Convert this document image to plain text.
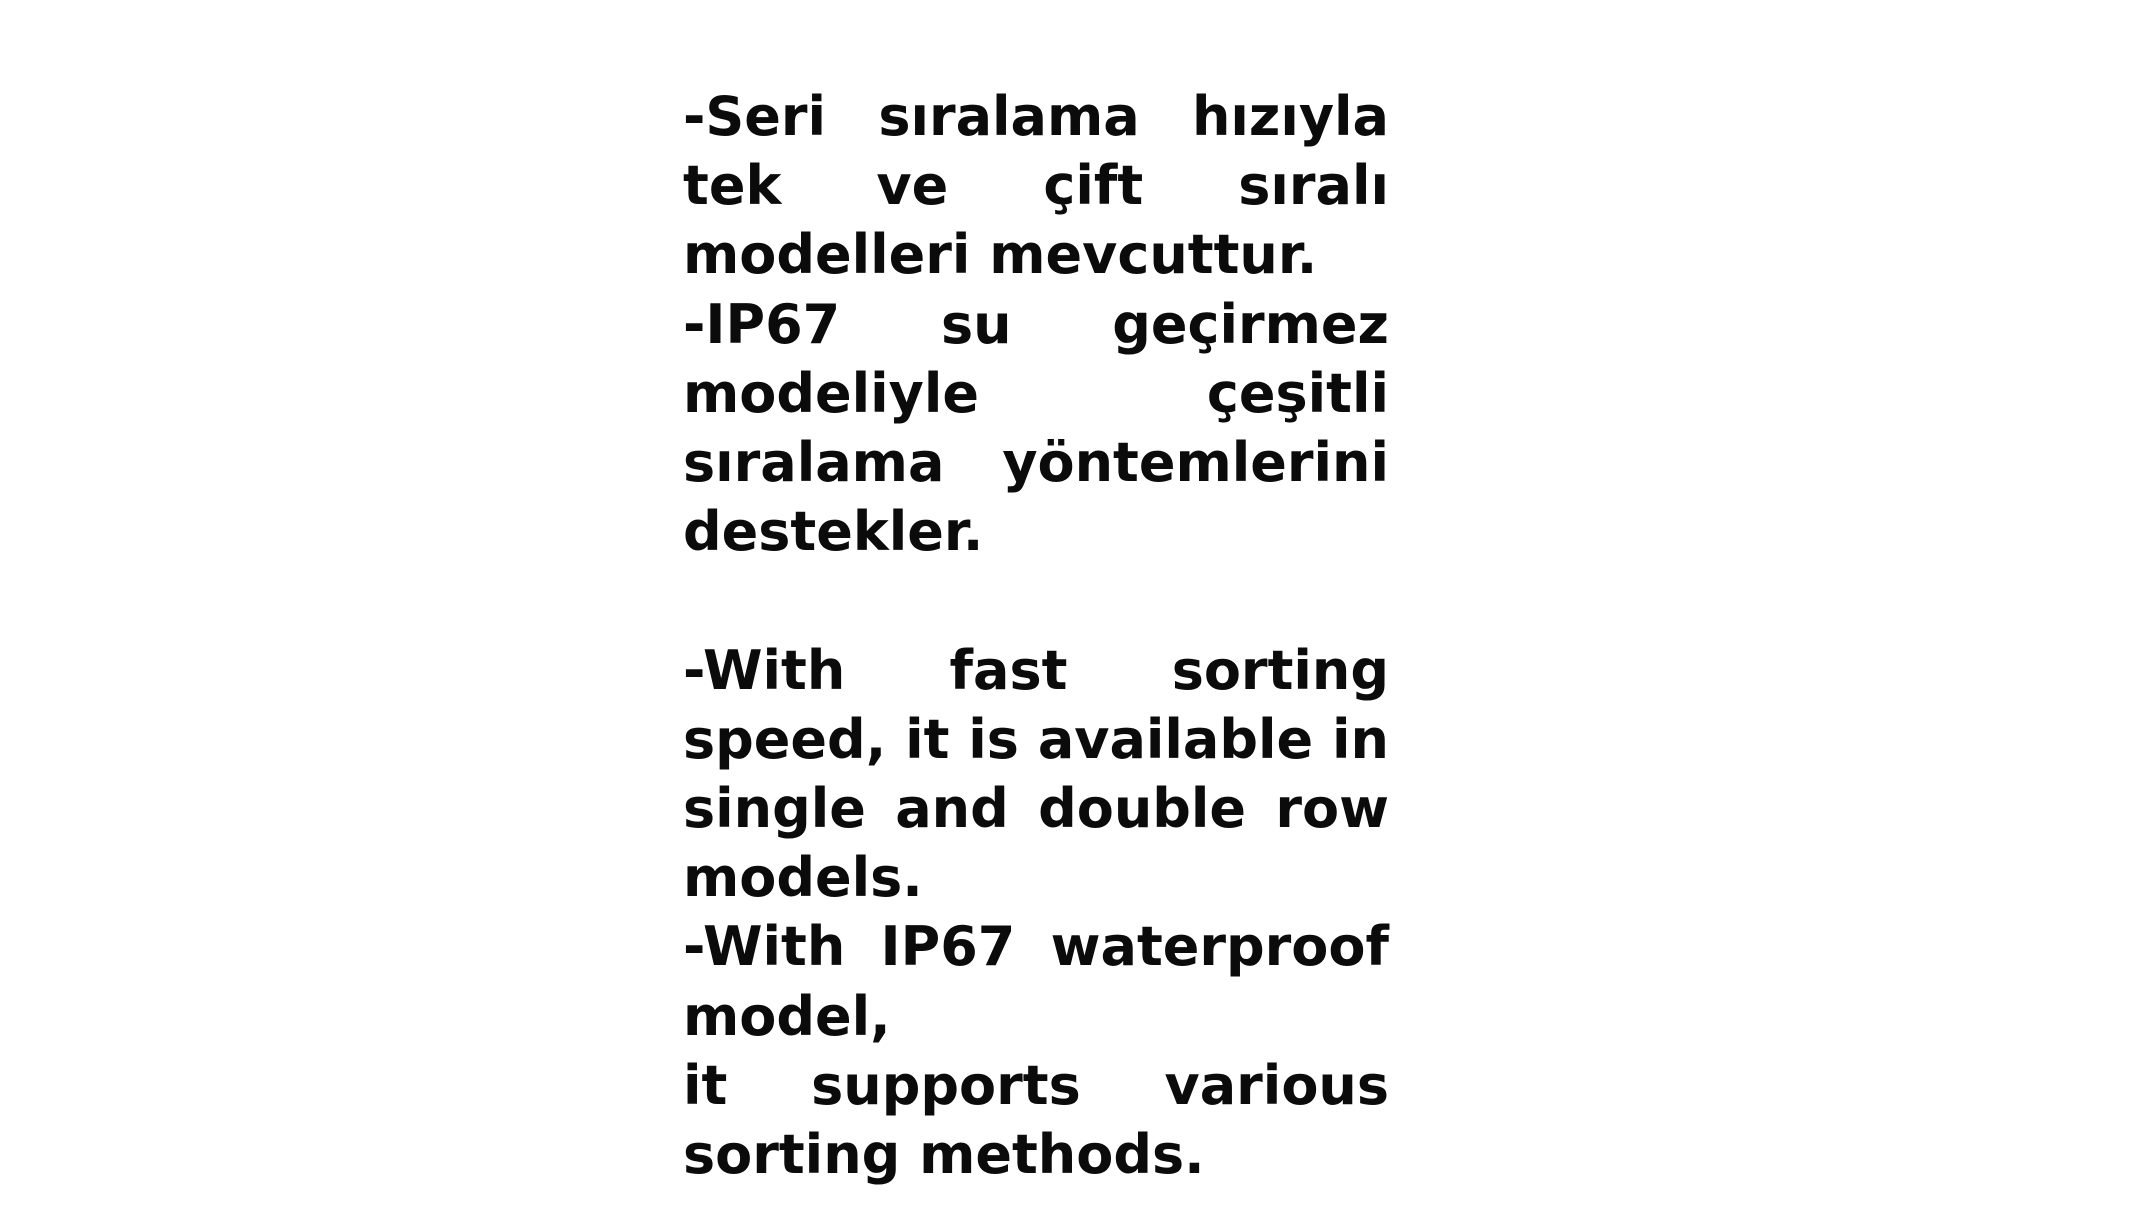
-Seri sıralama hızıyla
tek ve çift sıralı
modelleri mevcuttur.
-IP67 su geçirmez
modeliyle çeşitli
sıralama yöntemlerini
destekler.
-With fast sorting
speed, it is available in
single and double row
models.
-With IP67 waterproof
model,
it supports various
sorting methods.
